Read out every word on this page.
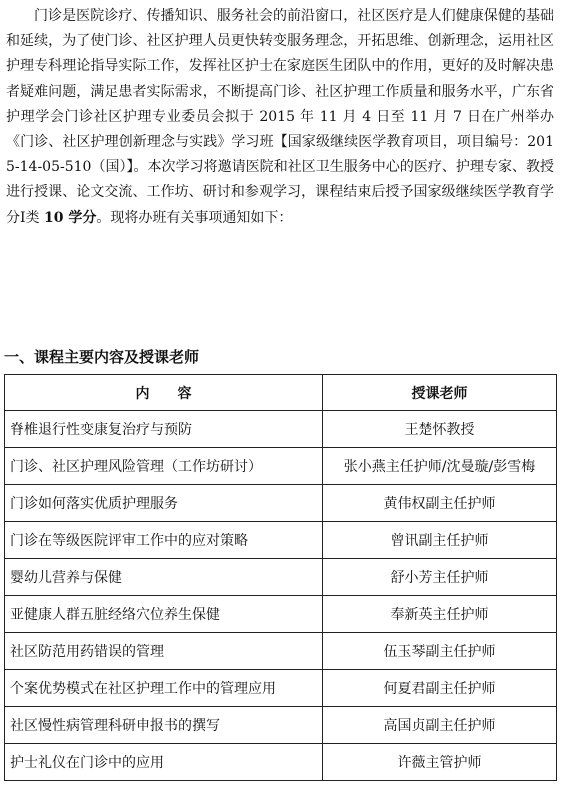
门诊是医院诊疗、传播知识、服务社会的前沿窗口，社区医疗是人们健康保健的基础和延续，为了使门诊、社区护理人员更快转变服务理念，开拓思维、创新理念，运用社区护理专科理论指导实际工作，发挥社区护士在家庭医生团队中的作用，更好的及时解决患者疑难问题，满足患者实际需求，不断提高门诊、社区护理工作质量和服务水平，广东省护理学会门诊社区护理专业委员会拟于 2015 年 11 月 4 日至 11 月 7 日在广州举办《门诊、社区护理创新理念与实践》学习班【国家级继续医学教育项目，项目编号：2015-14-05-510（国）】。本次学习将邀请医院和社区卫生服务中心的医疗、护理专家、教授进行授课、论文交流、工作坊、研讨和参观学习，课程结束后授予国家级继续医学教育学分Ⅰ类 10 学分。现将办班有关事项通知如下：

一、课程主要内容及授课老师
内　　容	授课老师
脊椎退行性变康复治疗与预防	王楚怀教授
门诊、社区护理风险管理（工作坊研讨）	张小燕主任护师/沈曼璇/彭雪梅
门诊如何落实优质护理服务	黄伟权副主任护师
门诊在等级医院评审工作中的应对策略	曾讯副主任护师
婴幼儿营养与保健	舒小芳主任护师
亚健康人群五脏经络穴位养生保健	奉新英主任护师
社区防范用药错误的管理	伍玉琴副主任护师
个案优势模式在社区护理工作中的管理应用	何夏君副主任护师
社区慢性病管理科研申报书的撰写	高国贞副主任护师
护士礼仪在门诊中的应用	许薇主管护师
